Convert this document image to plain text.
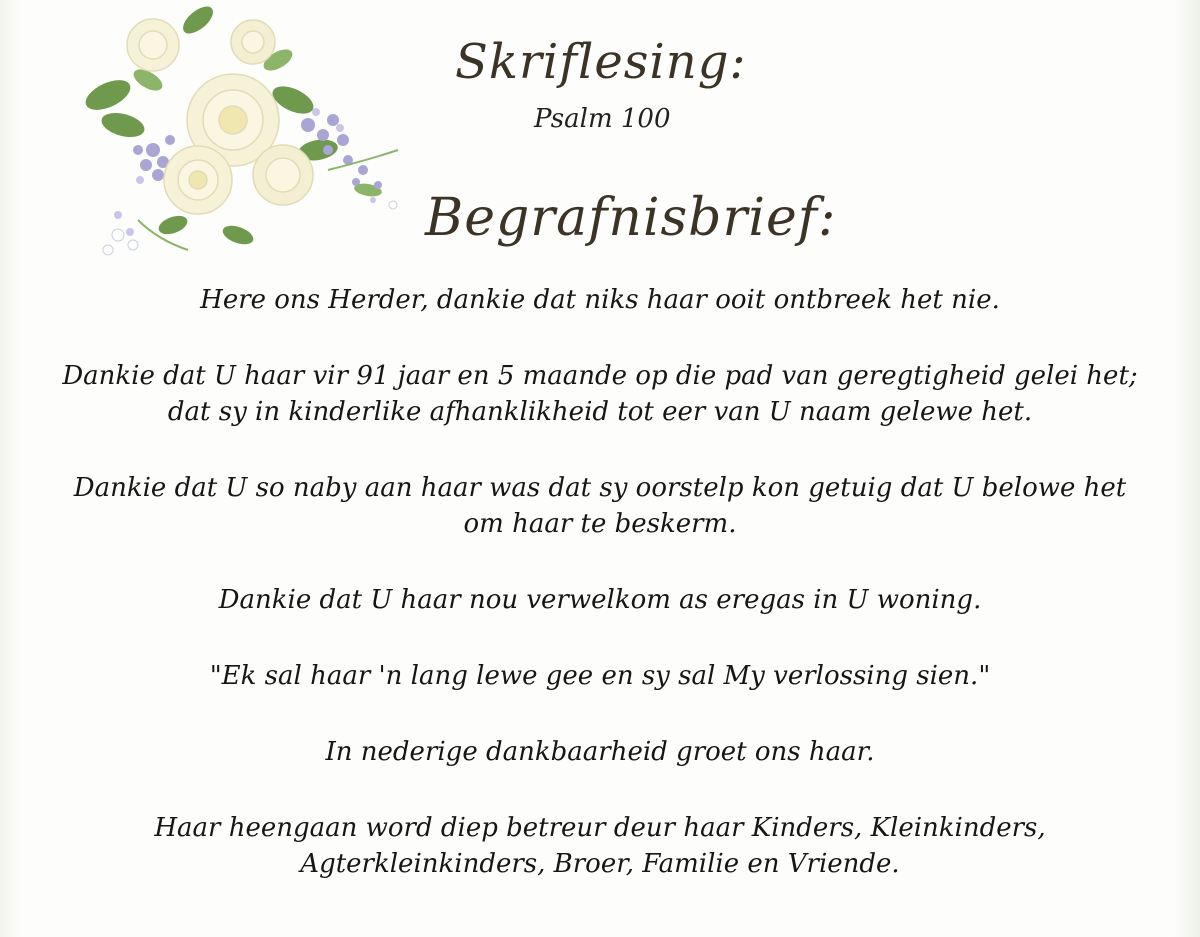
Skriflesing:
Psalm 100
Begrafnisbrief:

Here ons Herder, dankie dat niks haar ooit ontbreek het nie.

Dankie dat U haar vir 91 jaar en 5 maande op die pad van geregtigheid gelei het;
dat sy in kinderlike afhanklikheid tot eer van U naam gelewe het.

Dankie dat U so naby aan haar was dat sy oorstelp kon getuig dat U belowe het
om haar te beskerm.

Dankie dat U haar nou verwelkom as eregas in U woning.

"Ek sal haar 'n lang lewe gee en sy sal My verlossing sien."

In nederige dankbaarheid groet ons haar.

Haar heengaan word diep betreur deur haar Kinders, Kleinkinders,
Agterkleinkinders, Broer, Familie en Vriende.
